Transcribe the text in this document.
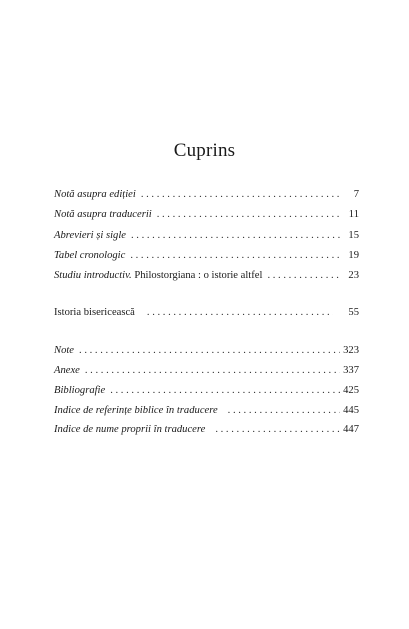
Cuprins
Notă asupra ediției . . .	7
Notă asupra traducerii . . .	11
Abrevieri și sigle . . .	15
Tabel cronologic . . .	19
Studiu introductiv. Philostorgiana : o istorie altfel . . .	23
Istoria bisericească . . .	55
Note . . .	323
Anexe . . .	337
Bibliografie . . .	425
Indice de referințe biblice în traducere . . .	445
Indice de nume proprii în traducere . . .	447
